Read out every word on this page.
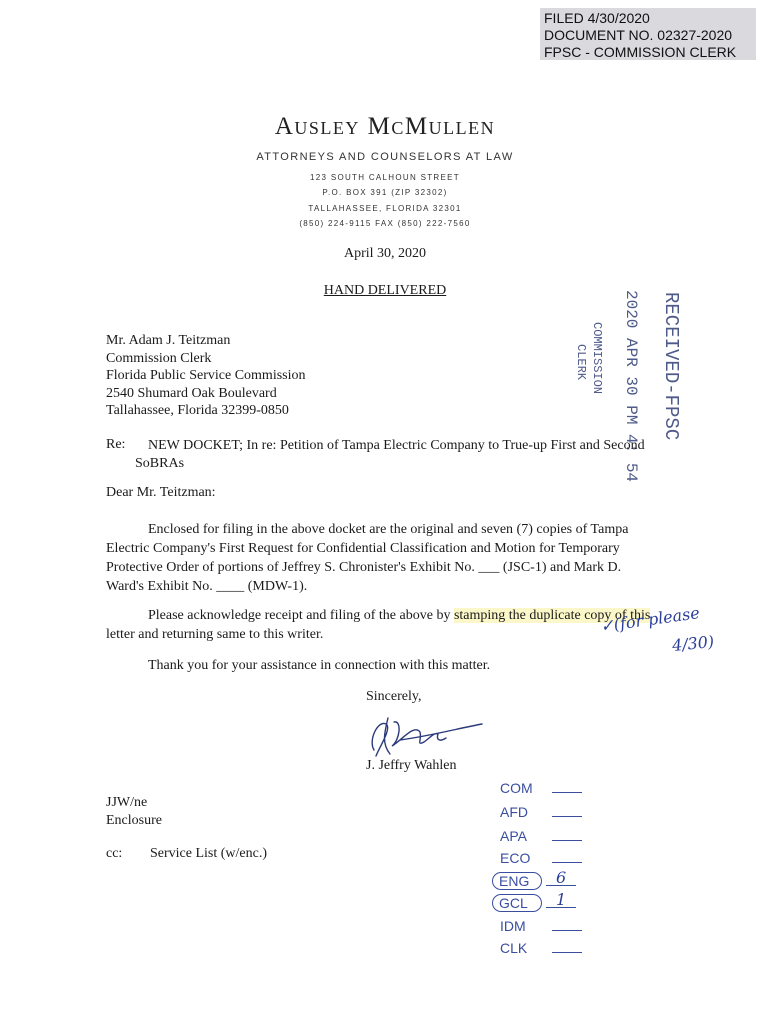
FILED 4/30/2020
DOCUMENT NO. 02327-2020
FPSC - COMMISSION CLERK
Ausley McMullen
ATTORNEYS AND COUNSELORS AT LAW
123 SOUTH CALHOUN STREET
P.O. BOX 391 (ZIP 32302)
TALLAHASSEE, FLORIDA 32301
(850) 224-9115 FAX (850) 222-7560
April 30, 2020
HAND DELIVERED
RECEIVED-FPSC
2020 APR 30 PM 4: 54
COMMISSION
CLERK
Mr. Adam J. Teitzman
Commission Clerk
Florida Public Service Commission
2540 Shumard Oak Boulevard
Tallahassee, Florida 32399-0850
Re: NEW DOCKET; In re: Petition of Tampa Electric Company to True-up First and Second
SoBRAs
Dear Mr. Teitzman:
Enclosed for filing in the above docket are the original and seven (7) copies of Tampa
Electric Company's First Request for Confidential Classification and Motion for Temporary
Protective Order of portions of Jeffrey S. Chronister's Exhibit No. ___ (JSC-1) and Mark D.
Ward's Exhibit No. ____ (MDW-1).
Please acknowledge receipt and filing of the above by stamping the duplicate copy of this
letter and returning same to this writer.	✓(for please
4/30)
Thank you for your assistance in connection with this matter.
Sincerely,
J. Jeffry Wahlen
JJW/ne
Enclosure
cc: Service List (w/enc.)
COM
AFD
APA
ECO
ENG 6
GCL 1
IDM
CLK
